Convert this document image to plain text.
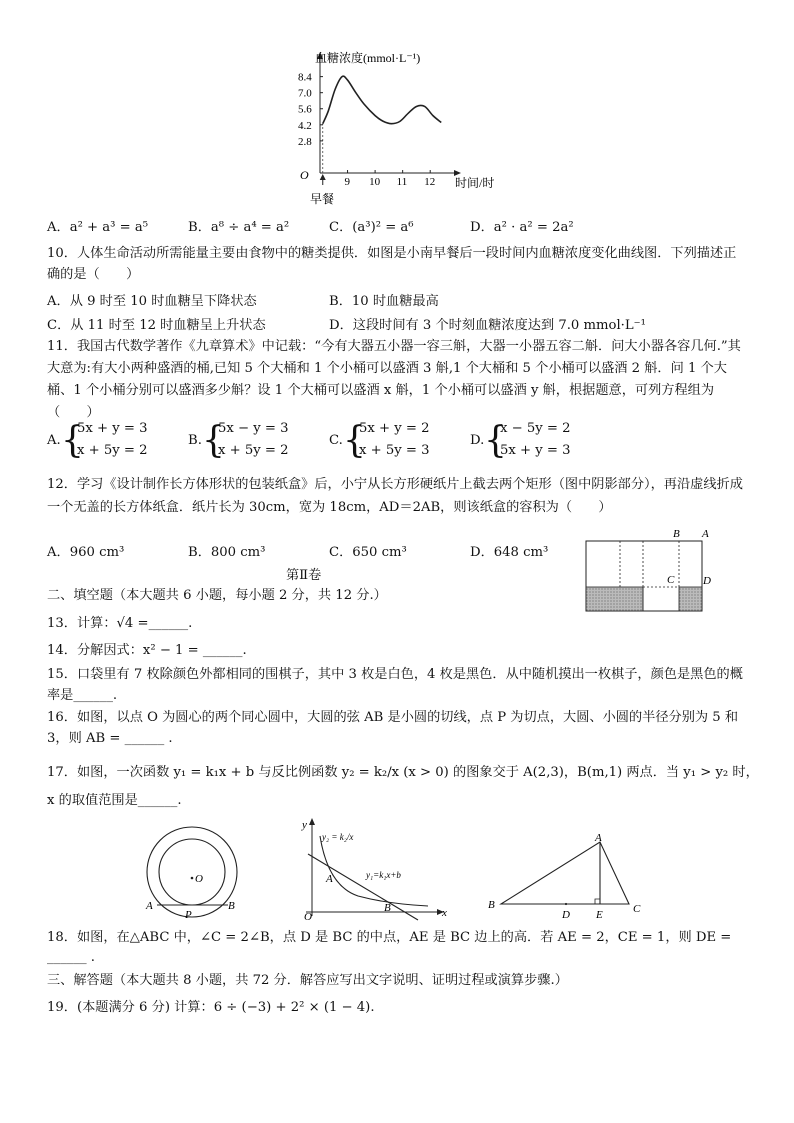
血糖浓度(mmol·L⁻¹)
时间/时
O
早餐
8.4
7.0
5.6
4.2
2.8
9 10 11 12
A．a² + a³ = a⁵	B．a⁸ ÷ a⁴ = a²	C．(a³)² = a⁶	D．a² · a² = 2a²
10．人体生命活动所需能量主要由食物中的糖类提供．如图是小南早餐后一段时间内血糖浓度变化曲线图．下列描述正确的是（　　）
A．从 9 时至 10 时血糖呈下降状态	B．10 时血糖最高
C．从 11 时至 12 时血糖呈上升状态	D．这段时间有 3 个时刻血糖浓度达到 7.0 mmol·L⁻¹
11．我国古代数学著作《九章算术》中记载：“今有大器五小器一容三斛，大器一小器五容二斛．问大小器各容几何.”其大意为:有大小两种盛酒的桶,已知 5 个大桶和 1 个小桶可以盛酒 3 斛,1 个大桶和 5 个小桶可以盛酒 2 斛．问 1 个大桶、1 个小桶分别可以盛酒多少斛？设 1 个大桶可以盛酒 x 斛，1 个小桶可以盛酒 y 斛，根据题意，可列方程组为（　　）
A. {
5x + y = 3
x + 5y = 2
B. {
5x − y = 3
x + 5y = 2
C. {
5x + y = 2
x + 5y = 3
D. {
x − 5y = 2
5x + y = 3
12．学习《设计制作长方体形状的包装纸盒》后，小宁从长方形硬纸片上截去两个矩形（图中阴影部分），再沿虚线折成一个无盖的长方体纸盒．纸片长为 30cm，宽为 18cm，AD＝2AB，则该纸盒的容积为（　　）
A．960 cm³	B．800 cm³	C．650 cm³	D．648 cm³
B A
C	D
第Ⅱ卷
二、填空题（本大题共 6 小题，每小题 2 分，共 12 分.）
13．计算：√4 =______.
14．分解因式：x² − 1 = ______.
15．口袋里有 7 枚除颜色外都相同的围棋子，其中 3 枚是白色，4 枚是黑色．从中随机摸出一枚棋子，颜色是黑色的概率是______.
16．如图，以点 O 为圆心的两个同心圆中，大圆的弦 AB 是小圆的切线，点 P 为切点，大圆、小圆的半径分别为 5 和 3，则 AB = ______ .
17．如图，一次函数 y₁ = k₁x + b 与反比例函数 y₂ = k₂/x (x > 0) 的图象交于 A(2,3)，B(m,1) 两点．当 y₁ > y₂ 时，
x 的取值范围是______.
O
A
P
B
y
x
O
A
B
y₂ = k₂/x
y₁=k₁x+b
A
B	C
D E
18．如图，在△ABC 中，∠C = 2∠B，点 D 是 BC 的中点，AE 是 BC 边上的高．若 AE = 2，CE = 1，则 DE =
______ .
三、解答题（本大题共 8 小题，共 72 分．解答应写出文字说明、证明过程或演算步骤.）
19．(本题满分 6 分) 计算：6 ÷ (−3) + 2² × (1 − 4).
